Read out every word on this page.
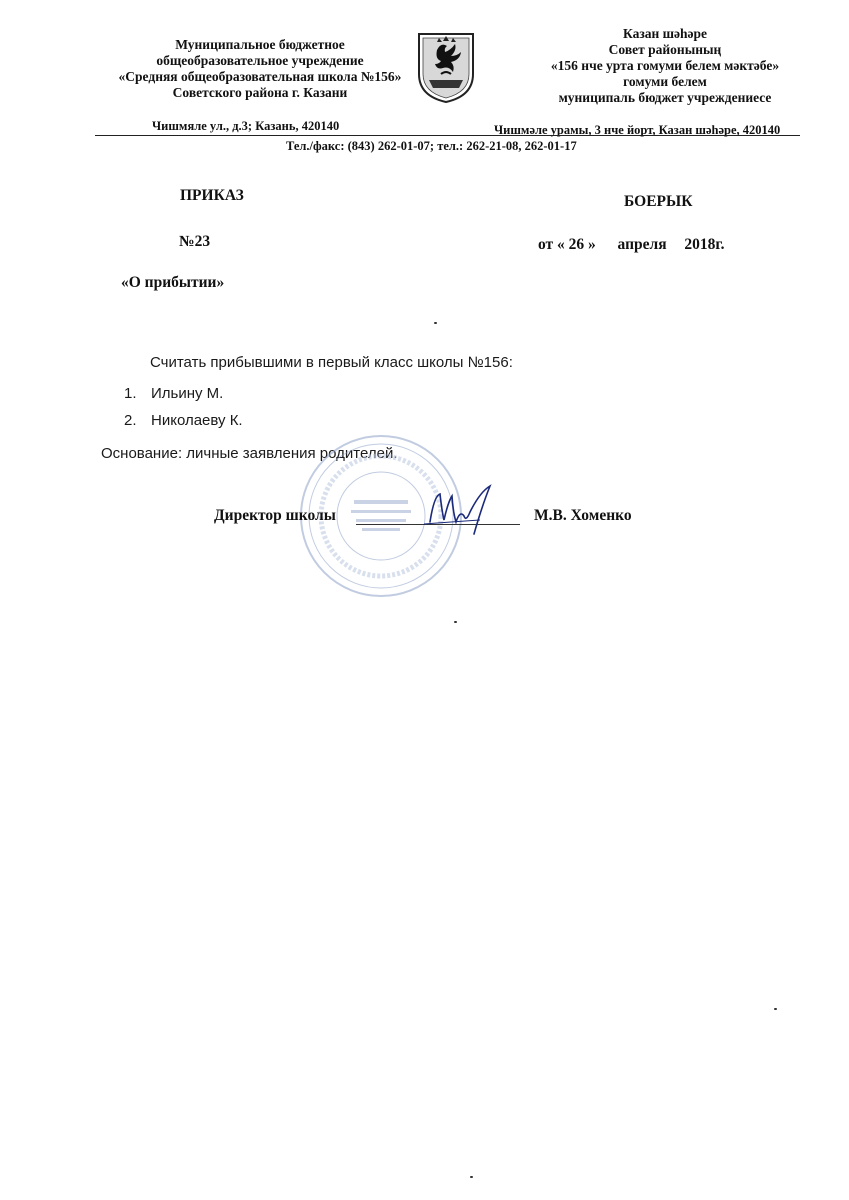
Муниципальное бюджетное
общеобразовательное учреждение
«Средняя общеобразовательная школа №156»
Советского района г. Казани
Казан шәһәре
Совет районының
«156 нче урта гомуми белем мәктәбе»
гомуми белем
муниципаль бюджет учреждениесе
Чишмяле ул., д.3; Казань, 420140	Чишмәле урамы, 3 нче йорт, Казан шәһәре, 420140
Тел./факс: (843) 262-01-07; тел.: 262-21-08, 262-01-17
ПРИКАЗ	БОЕРЫК
№23	от « 26 » апреля 2018г.
«О прибытии»
Считать прибывшими в первый класс школы №156:
1. Ильину М.
2. Николаеву К.
Основание: личные заявления родителей.
Директор школы	М.В. Хоменко
